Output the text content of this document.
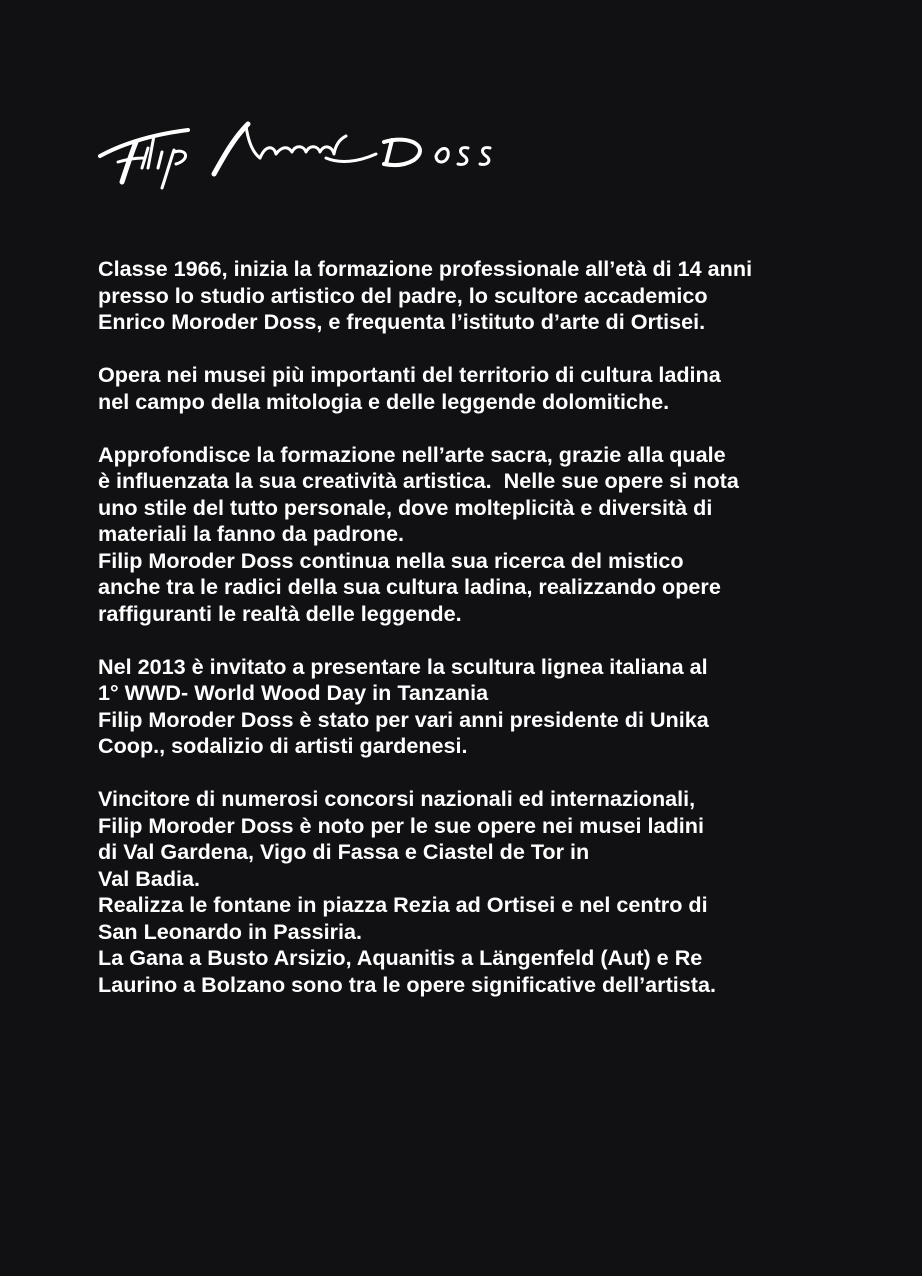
Classe 1966, inizia la formazione professionale all’età di 14 anni
presso lo studio artistico del padre, lo scultore accademico
Enrico Moroder Doss, e frequenta l’istituto d’arte di Ortisei.
Opera nei musei più importanti del territorio di cultura ladina
nel campo della mitologia e delle leggende dolomitiche.
Approfondisce la formazione nell’arte sacra, grazie alla quale
è influenzata la sua creatività artistica.  Nelle sue opere si nota
uno stile del tutto personale, dove molteplicità e diversità di
materiali la fanno da padrone.
Filip Moroder Doss continua nella sua ricerca del mistico
anche tra le radici della sua cultura ladina, realizzando opere
raffiguranti le realtà delle leggende.
Nel 2013 è invitato a presentare la scultura lignea italiana al
1° WWD- World Wood Day in Tanzania
Filip Moroder Doss è stato per vari anni presidente di Unika
Coop., sodalizio di artisti gardenesi.
Vincitore di numerosi concorsi nazionali ed internazionali,
Filip Moroder Doss è noto per le sue opere nei musei ladini
di Val Gardena, Vigo di Fassa e Ciastel de Tor in
Val Badia.
Realizza le fontane in piazza Rezia ad Ortisei e nel centro di
San Leonardo in Passiria.
La Gana a Busto Arsizio, Aquanitis a Längenfeld (Aut) e Re
Laurino a Bolzano sono tra le opere significative dell’artista.
